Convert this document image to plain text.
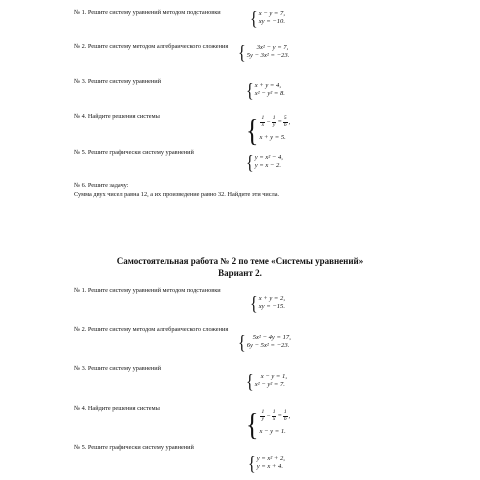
№ 1. Решите систему уравнений методом подстановки { x − y = 7,
xy = −10.
№ 2. Решите систему методом алгебраического сложения {	3x² − y = 7,
5y − 3x² = −23.
№ 3. Решите систему уравнений	{ x + y = 4,
x² − y² = 8.
№ 4. Найдите решения системы	{ $\frac{1}{x} - \frac{1}{y} = \frac{5}{6}$ ,
x + y = 5.
№ 5. Решите графически систему уравнений
{ y = x² − 4,
y = x − 2.
№ 6. Решите задачу:
Сумма двух чисел равна 12, а их произведение равно 32. Найдите эти числа.
Самостоятельная работа № 2 по теме «Системы уравнений»
Вариант 2.
№ 1. Решите систему уравнений методом подстановки
{ x + y = 2,
xy = −15.
№ 2. Решите систему методом алгебраического сложения
{	5x² − 4y = 17,
6y − 5x² = −23.
№ 3. Решите систему уравнений
{	x − y = 1,
x² − y² = 7.
№ 4. Найдите решения системы	{ $\frac{1}{y} - \frac{1}{x} = \frac{1}{6}$ ,
x − y = 1.
№ 5. Решите графически систему уравнений
{ y = x² + 2,
y = x + 4.
